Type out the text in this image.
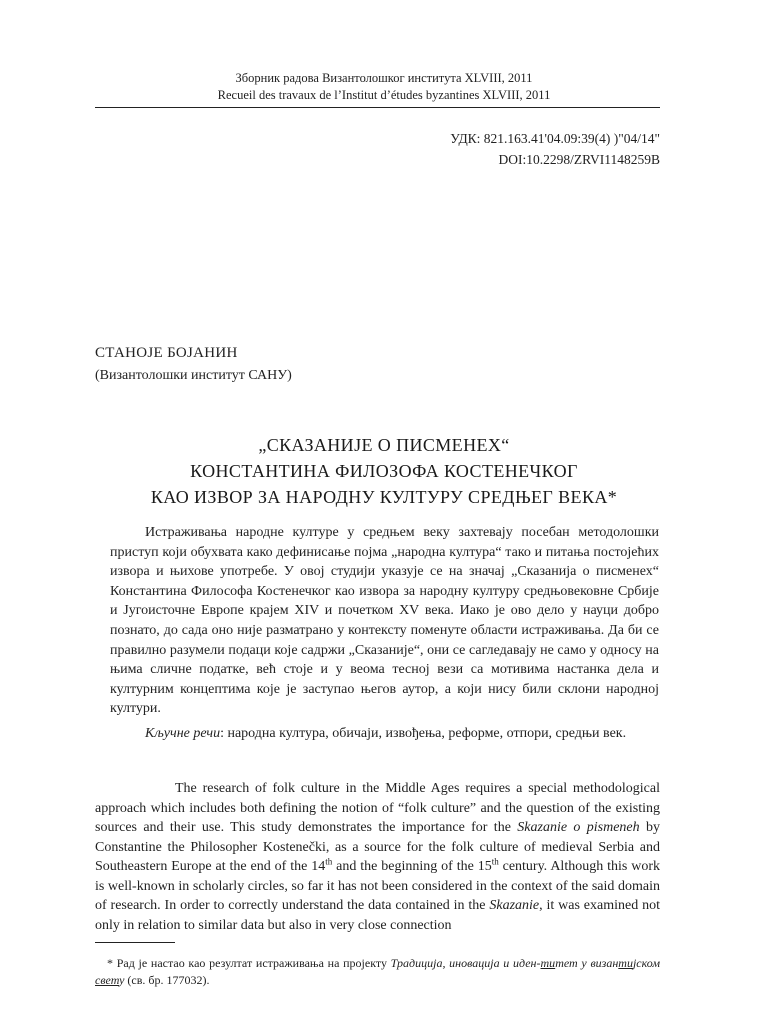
Зборник радова Византолошког института XLVIII, 2011
Recueil des travaux de l’Institut d’études byzantines XLVIII, 2011
УДК: 821.163.41'04.09:39(4) )"04/14"
DOI:10.2298/ZRVI1148259B
СТАНОЈЕ БОЈАНИН
(Византолошки институт САНУ)
„СКАЗАНИЈЕ О ПИСМЕНЕХ“
КОНСТАНТИНА ФИЛОЗОФА КОСТЕНЕЧКОГ
КАО ИЗВОР ЗА НАРОДНУ КУЛТУРУ СРЕДЊЕГ ВЕКА*

Истраживања народне културе у средњем веку захтевају посебан методолошки приступ који обухвата како дефинисање појма „народна култура“ тако и питања постојећих извора и њихове употребе. У овој студији указује се на значај „Сказанија о писменех“ Константина Философа Костенечког као извора за народну културу средњовековне Србије и Југоисточне Европе крајем XIV и почетком XV века. Иако је ово дело у науци добро познато, до сада оно није разматрано у контексту поменуте области истраживања. Да би се правилно разумели подаци које садржи „Сказаније“, они се сагледавају не само у односу на њима сличне податке, већ стоје и у веома тесној вези са мотивима настанка дела и културним концептима које је заступао његов аутор, а који нису били склони народној култури.

Кључне речи: народна култура, обичаји, извођења, реформе, отпори, средњи век.

The research of folk culture in the Middle Ages requires a special methodological approach which includes both defining the notion of “folk culture” and the question of the existing sources and their use. This study demonstrates the importance for the Skazanie o pismeneh by Constantine the Philosopher Kostenečki, as a source for the folk culture of medieval Serbia and Southeastern Europe at the end of the 14th and the beginning of the 15th century. Although this work is well-known in scholarly circles, so far it has not been considered in the context of the said domain of research. In order to correctly understand the data contained in the Skazanie, it was examined not only in relation to similar data but also in very close connection

* Рад је настао као резултат истраживања на пројекту Традиција, иновација и иден-титет у византијском свету (св. бр. 177032).
